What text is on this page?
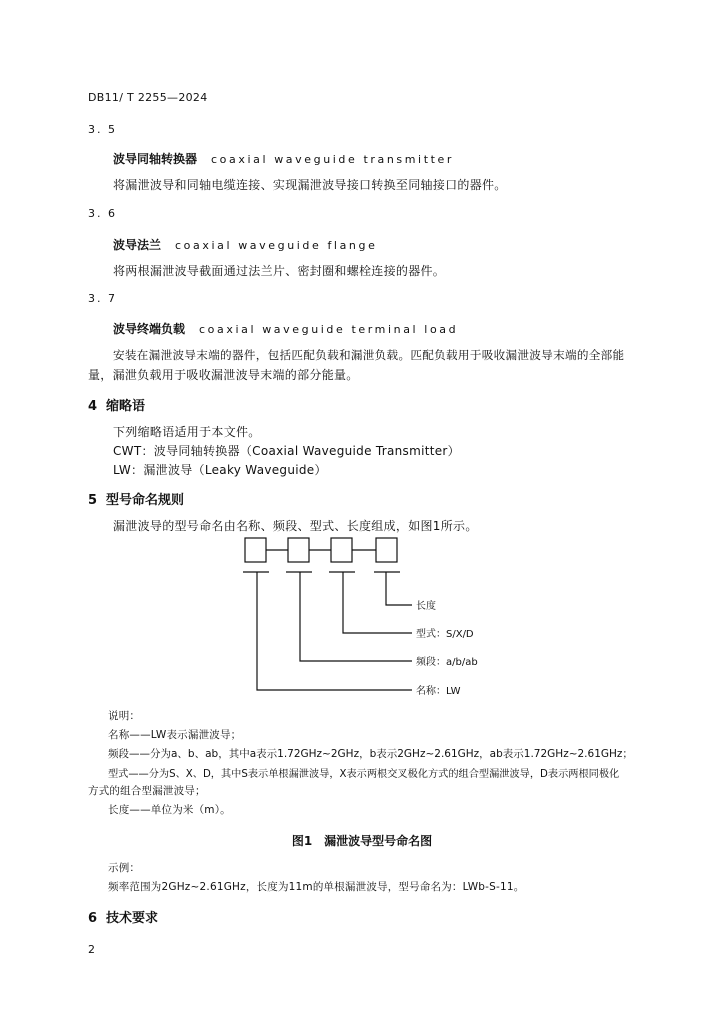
DB11/ T 2255—2024
3. 5
波导同轴转换器 coaxial waveguide transmitter
将漏泄波导和同轴电缆连接、实现漏泄波导接口转换至同轴接口的器件。
3. 6
波导法兰 coaxial waveguide flange
将两根漏泄波导截面通过法兰片、密封圈和螺栓连接的器件。
3. 7
波导终端负载 coaxial waveguide terminal load
安装在漏泄波导末端的器件，包括匹配负载和漏泄负载。匹配负载用于吸收漏泄波导末端的全部能
量，漏泄负载用于吸收漏泄波导末端的部分能量。
4 缩略语
下列缩略语适用于本文件。
CWT：波导同轴转换器（Coaxial Waveguide Transmitter）
LW：漏泄波导（Leaky Waveguide）
5 型号命名规则
漏泄波导的型号命名由名称、频段、型式、长度组成，如图1所示。
长度
型式：S/X/D
频段：a/b/ab
名称：LW
说明：
名称——LW表示漏泄波导；
频段——分为a、b、ab，其中a表示1.72GHz~2GHz，b表示2GHz~2.61GHz，ab表示1.72GHz~2.61GHz；
型式——分为S、X、D，其中S表示单根漏泄波导，X表示两根交叉极化方式的组合型漏泄波导，D表示两根同极化
方式的组合型漏泄波导；
长度——单位为米（m）。
图1　漏泄波导型号命名图
示例：
频率范围为2GHz~2.61GHz，长度为11m的单根漏泄波导，型号命名为：LWb-S-11。
6 技术要求
2
